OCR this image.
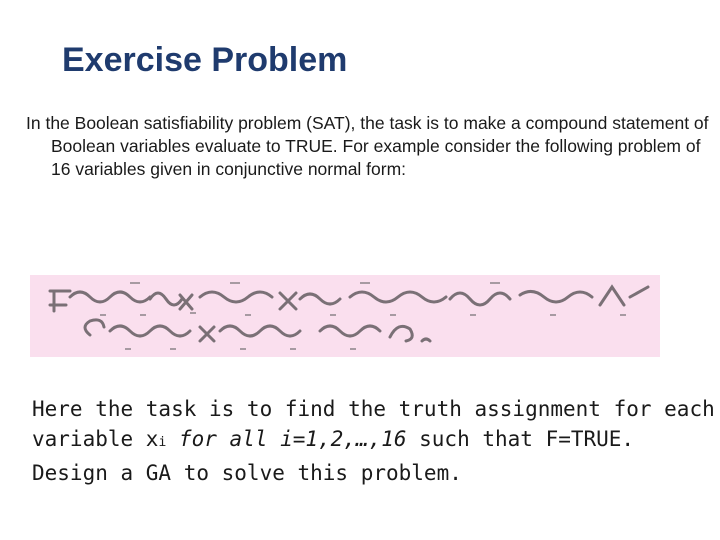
Exercise Problem

In the Boolean satisfiability problem (SAT), the task is to make a compound statement of Boolean variables evaluate to TRUE. For example consider the following problem of 16 variables given in conjunctive normal form:

Here the task is to find the truth assignment for each
variable xi for all i=1,2,…,16 such that F=TRUE.
Design a GA to solve this problem.
